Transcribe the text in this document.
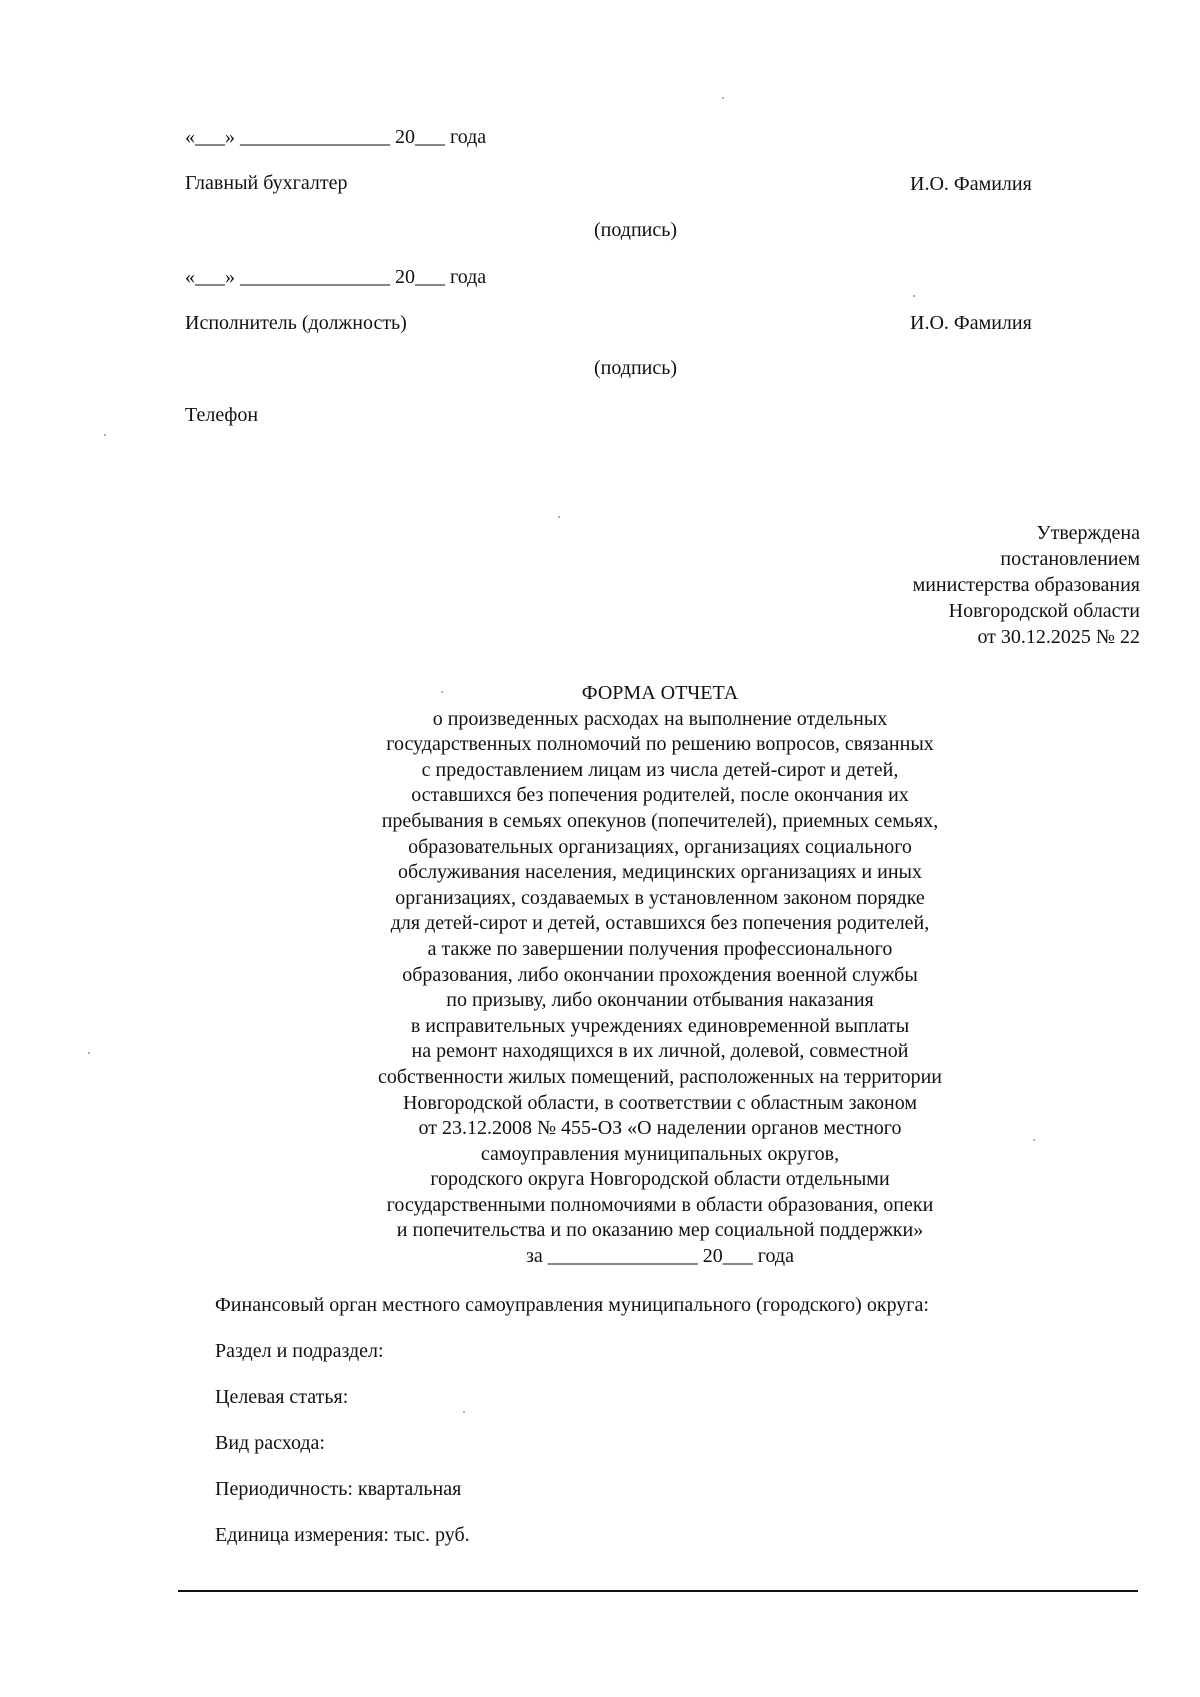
«___» _______________ 20___ года
Главный бухгалтер	И.О. Фамилия
(подпись)
«___» _______________ 20___ года
Исполнитель (должность)	И.О. Фамилия
(подпись)
Телефон
Утверждена
постановлением
министерства образования
Новгородской области
от 30.12.2025 № 22
ФОРМА ОТЧЕТА
о произведенных расходах на выполнение отдельных
государственных полномочий по решению вопросов, связанных
с предоставлением лицам из числа детей-сирот и детей,
оставшихся без попечения родителей, после окончания их
пребывания в семьях опекунов (попечителей), приемных семьях,
образовательных организациях, организациях социального
обслуживания населения, медицинских организациях и иных
организациях, создаваемых в установленном законом порядке
для детей-сирот и детей, оставшихся без попечения родителей,
а также по завершении получения профессионального
образования, либо окончании прохождения военной службы
по призыву, либо окончании отбывания наказания
в исправительных учреждениях единовременной выплаты
на ремонт находящихся в их личной, долевой, совместной
собственности жилых помещений, расположенных на территории
Новгородской области, в соответствии с областным законом
от 23.12.2008 № 455-ОЗ «О наделении органов местного
самоуправления муниципальных округов,
городского округа Новгородской области отдельными
государственными полномочиями в области образования, опеки
и попечительства и по оказанию мер социальной поддержки»
за _______________ 20___ года
Финансовый орган местного самоуправления муниципального (городского) округа:
Раздел и подраздел:
Целевая статья:
Вид расхода:
Периодичность: квартальная
Единица измерения: тыс. руб.
